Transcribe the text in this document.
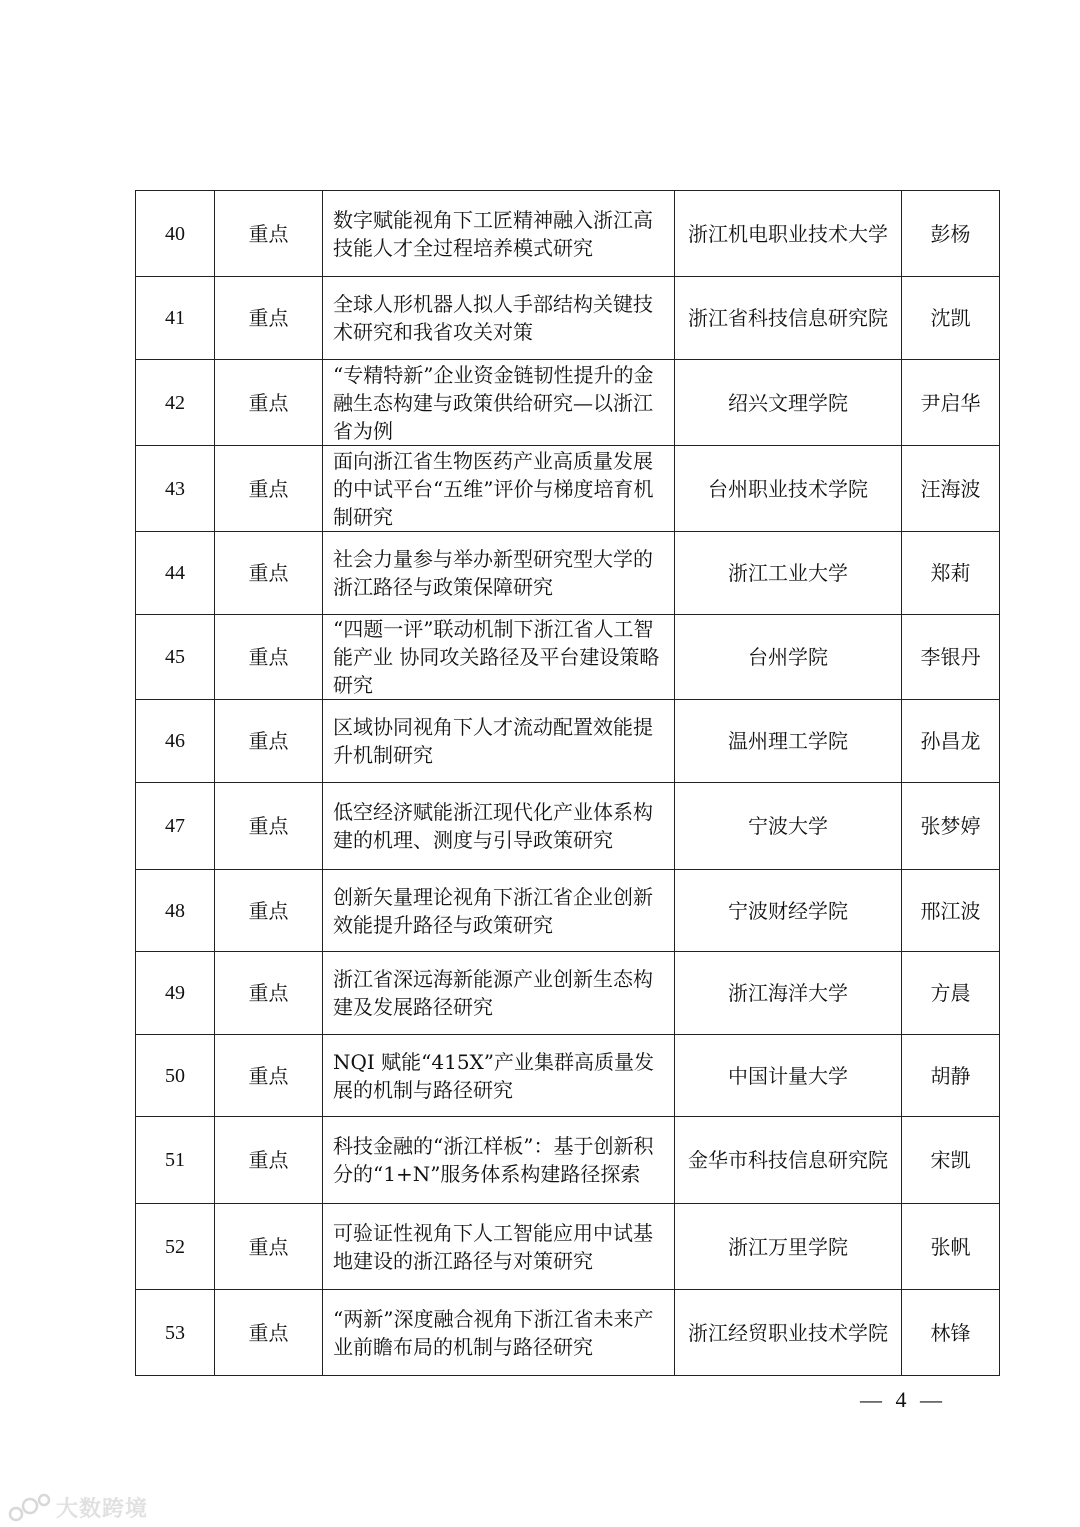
40	重点	数字赋能视角下工匠精神融入浙江高技能人才全过程培养模式研究	浙江机电职业技术大学	彭杨
41	重点	全球人形机器人拟人手部结构关键技术研究和我省攻关对策	浙江省科技信息研究院	沈凯
42	重点	“专精特新”企业资金链韧性提升的金融生态构建与政策供给研究—以浙江省为例	绍兴文理学院	尹启华
43	重点	面向浙江省生物医药产业高质量发展的中试平台“五维”评价与梯度培育机制研究	台州职业技术学院	汪海波
44	重点	社会力量参与举办新型研究型大学的浙江路径与政策保障研究	浙江工业大学	郑莉
45	重点	“四题一评”联动机制下浙江省人工智能产业 协同攻关路径及平台建设策略研究	台州学院	李银丹
46	重点	区域协同视角下人才流动配置效能提升机制研究	温州理工学院	孙昌龙
47	重点	低空经济赋能浙江现代化产业体系构建的机理、测度与引导政策研究	宁波大学	张梦婷
48	重点	创新矢量理论视角下浙江省企业创新效能提升路径与政策研究	宁波财经学院	邢江波
49	重点	浙江省深远海新能源产业创新生态构建及发展路径研究	浙江海洋大学	方晨
50	重点	NQI 赋能“415X”产业集群高质量发展的机制与路径研究	中国计量大学	胡静
51	重点	科技金融的“浙江样板”：基于创新积分的“1+N”服务体系构建路径探索	金华市科技信息研究院	宋凯
52	重点	可验证性视角下人工智能应用中试基地建设的浙江路径与对策研究	浙江万里学院	张帆
53	重点	“两新”深度融合视角下浙江省未来产业前瞻布局的机制与路径研究	浙江经贸职业技术学院	林锋
— 4 —
大数跨境
